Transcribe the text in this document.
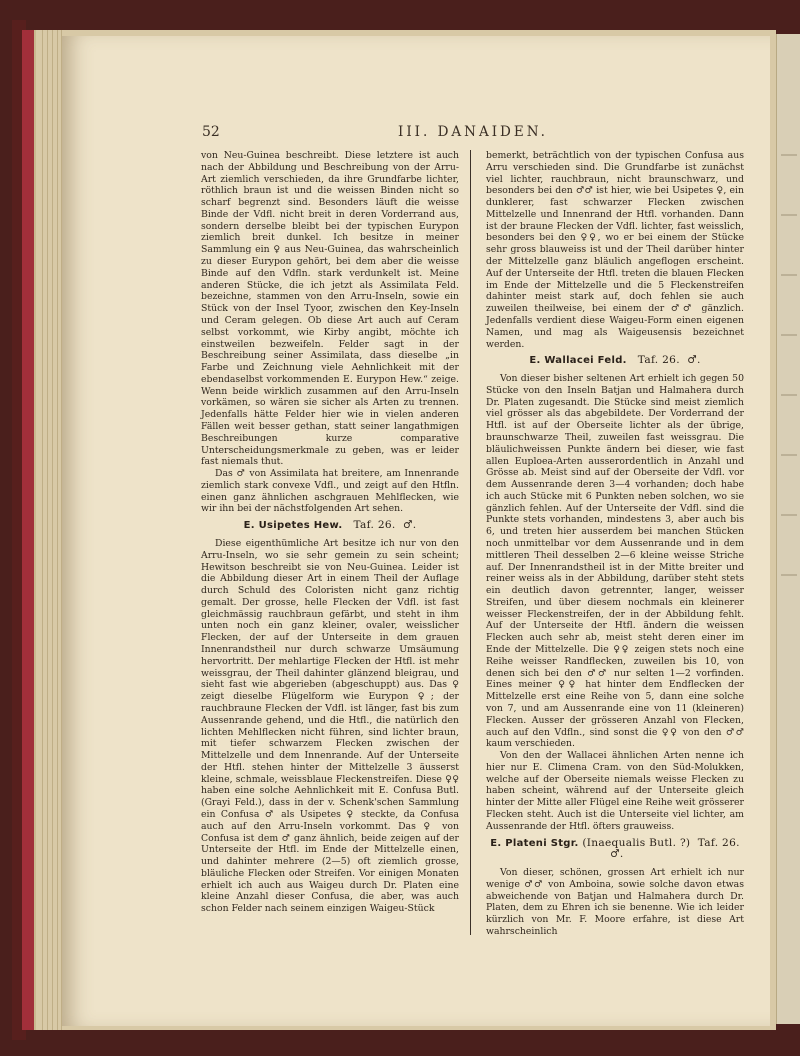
52	III. DANAIDEN.

von Neu-Guinea beschreibt. Diese letztere ist auch nach der Abbildung und Beschreibung von der Arru-Art ziemlich verschieden, da ihre Grundfarbe lichter, röthlich braun ist und die weissen Binden nicht so scharf begrenzt sind. Besonders läuft die weisse Binde der Vdfl. nicht breit in deren Vorderrand aus, sondern derselbe bleibt bei der typischen Eurypon ziemlich breit dunkel. Ich besitze in meiner Sammlung ein ♀ aus Neu-Guinea, das wahrscheinlich zu dieser Eurypon gehört, bei dem aber die weisse Binde auf den Vdfln. stark verdunkelt ist. Meine anderen Stücke, die ich jetzt als Assimilata Feld. bezeichne, stammen von den Arru-Inseln, sowie ein Stück von der Insel Tyoor, zwischen den Key-Inseln und Ceram gelegen. Ob diese Art auch auf Ceram selbst vorkommt, wie Kirby angibt, möchte ich einstweilen bezweifeln. Felder sagt in der Beschreibung seiner Assimilata, dass dieselbe „in Farbe und Zeichnung viele Aehnlichkeit mit der ebendaselbst vorkommenden E. Eurypon Hew.“ zeige. Wenn beide wirklich zusammen auf den Arru-Inseln vorkämen, so wären sie sicher als Arten zu trennen. Jedenfalls hätte Felder hier wie in vielen anderen Fällen weit besser gethan, statt seiner langathmigen Beschreibungen kurze comparative Unterscheidungsmerkmale zu geben, was er leider fast niemals thut.

Das ♂ von Assimilata hat breitere, am Innenrande ziemlich stark convexe Vdfl., und zeigt auf den Htfln. einen ganz ähnlichen aschgrauen Mehlflecken, wie wir ihn bei der nächstfolgenden Art sehen.

E. Usipetes Hew. Taf. 26. ♂.

Diese eigenthümliche Art besitze ich nur von den Arru-Inseln, wo sie sehr gemein zu sein scheint; Hewitson beschreibt sie von Neu-Guinea. Leider ist die Abbildung dieser Art in einem Theil der Auflage durch Schuld des Coloristen nicht ganz richtig gemalt. Der grosse, helle Flecken der Vdfl. ist fast gleichmässig rauchbraun gefärbt, und steht in ihm unten noch ein ganz kleiner, ovaler, weisslicher Flecken, der auf der Unterseite in dem grauen Innenrandstheil nur durch schwarze Umsäumung hervortritt. Der mehlartige Flecken der Htfl. ist mehr weissgrau, der Theil dahinter glänzend bleigrau, und sieht fast wie abgerieben (abgeschuppt) aus. Das ♀ zeigt dieselbe Flügelform wie Eurypon ♀; der rauchbraune Flecken der Vdfl. ist länger, fast bis zum Aussenrande gehend, und die Htfl., die natürlich den lichten Mehlflecken nicht führen, sind lichter braun, mit tiefer schwarzem Flecken zwischen der Mittelzelle und dem Innenrande. Auf der Unterseite der Htfl. stehen hinter der Mittelzelle 3 äusserst kleine, schmale, weissblaue Fleckenstreifen. Diese ♀♀ haben eine solche Aehnlichkeit mit E. Confusa Butl. (Grayi Feld.), dass in der v. Schenk'schen Sammlung ein Confusa ♂ als Usipetes ♀ steckte, da Confusa auch auf den Arru-Inseln vorkommt. Das ♀ von Confusa ist dem ♂ ganz ähnlich, beide zeigen auf der Unterseite der Htfl. im Ende der Mittelzelle einen, und dahinter mehrere (2—5) oft ziemlich grosse, bläuliche Flecken oder Streifen. Vor einigen Monaten erhielt ich auch aus Waigeu durch Dr. Platen eine kleine Anzahl dieser Confusa, die aber, was auch schon Felder nach seinem einzigen Waigeu-Stück

bemerkt, beträchtlich von der typischen Confusa aus Arru verschieden sind. Die Grundfarbe ist zunächst viel lichter, rauchbraun, nicht braunschwarz, und besonders bei den ♂♂ ist hier, wie bei Usipetes ♀, ein dunklerer, fast schwarzer Flecken zwischen Mittelzelle und Innenrand der Htfl. vorhanden. Dann ist der braune Flecken der Vdfl. lichter, fast weisslich, besonders bei den ♀♀, wo er bei einem der Stücke sehr gross blauweiss ist und der Theil darüber hinter der Mittelzelle ganz bläulich angeflogen erscheint. Auf der Unterseite der Htfl. treten die blauen Flecken im Ende der Mittelzelle und die 5 Fleckenstreifen dahinter meist stark auf, doch fehlen sie auch zuweilen theilweise, bei einem der ♂♂ gänzlich. Jedenfalls verdient diese Waigeu-Form einen eigenen Namen, und mag als Waigeusensis bezeichnet werden.

E. Wallacei Feld. Taf. 26. ♂.

Von dieser bisher seltenen Art erhielt ich gegen 50 Stücke von den Inseln Batjan und Halmahera durch Dr. Platen zugesandt. Die Stücke sind meist ziemlich viel grösser als das abgebildete. Der Vorderrand der Htfl. ist auf der Oberseite lichter als der übrige, braunschwarze Theil, zuweilen fast weissgrau. Die bläulichweissen Punkte ändern bei dieser, wie fast allen Euploea-Arten ausserordentlich in Anzahl und Grösse ab. Meist sind auf der Oberseite der Vdfl. vor dem Aussenrande deren 3—4 vorhanden; doch habe ich auch Stücke mit 6 Punkten neben solchen, wo sie gänzlich fehlen. Auf der Unterseite der Vdfl. sind die Punkte stets vorhanden, mindestens 3, aber auch bis 6, und treten hier ausserdem bei manchen Stücken noch unmittelbar vor dem Aussenrande und in dem mittleren Theil desselben 2—6 kleine weisse Striche auf. Der Innenrandstheil ist in der Mitte breiter und reiner weiss als in der Abbildung, darüber steht stets ein deutlich davon getrennter, langer, weisser Streifen, und über diesem nochmals ein kleinerer weisser Fleckenstreifen, der in der Abbildung fehlt. Auf der Unterseite der Htfl. ändern die weissen Flecken auch sehr ab, meist steht deren einer im Ende der Mittelzelle. Die ♀♀ zeigen stets noch eine Reihe weisser Randflecken, zuweilen bis 10, von denen sich bei den ♂♂ nur selten 1—2 vorfinden. Eines meiner ♀♀ hat hinter dem Endflecken der Mittelzelle erst eine Reihe von 5, dann eine solche von 7, und am Aussenrande eine von 11 (kleineren) Flecken. Ausser der grösseren Anzahl von Flecken, auch auf den Vdfln., sind sonst die ♀♀ von den ♂♂ kaum verschieden.

Von den der Wallacei ähnlichen Arten nenne ich hier nur E. Climena Cram. von den Süd-Molukken, welche auf der Oberseite niemals weisse Flecken zu haben scheint, während auf der Unterseite gleich hinter der Mitte aller Flügel eine Reihe weit grösserer Flecken steht. Auch ist die Unterseite viel lichter, am Aussenrande der Htfl. öfters grauweiss.

E. Plateni Stgr. (Inaequalis Butl. ?) Taf. 26.  ♂.

Von dieser, schönen, grossen Art erhielt ich nur wenige ♂♂ von Amboina, sowie solche davon etwas abweichende von Batjan und Halmahera durch Dr. Platen, dem zu Ehren ich sie benenne. Wie ich leider kürzlich von Mr. F. Moore erfahre, ist diese Art wahrscheinlich
